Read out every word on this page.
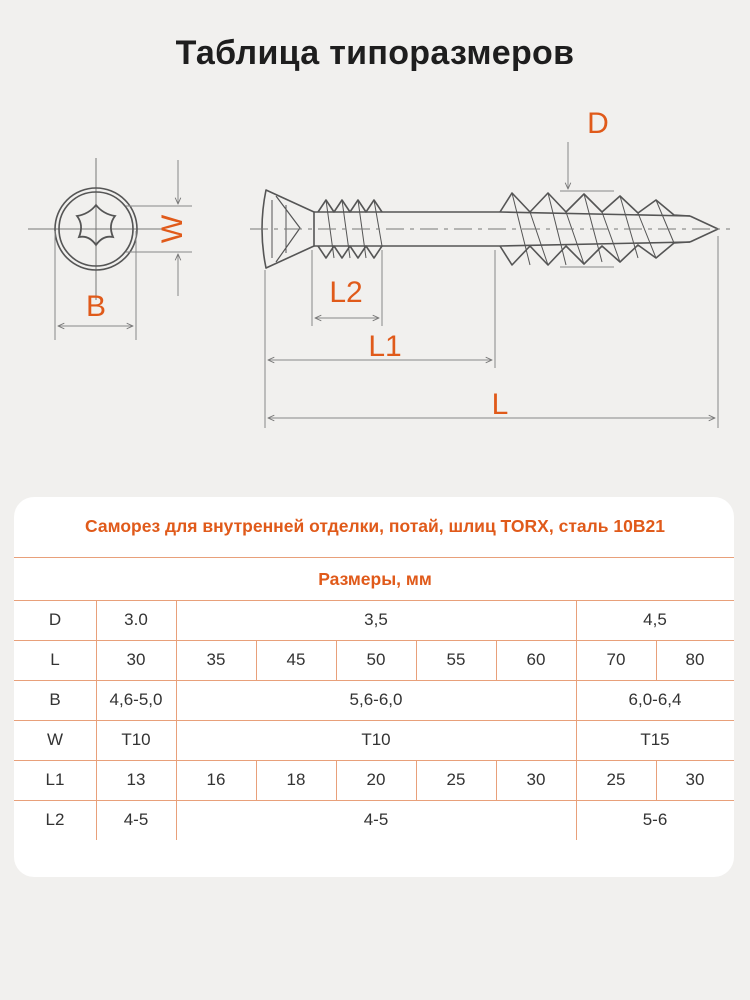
Таблица типоразмеров
W
B
D
L2
L1
L
Саморез для внутренней отделки, потай, шлиц TORX, сталь 10B21
Размеры, мм
D	3.0	3,5	4,5
L	30	35	45	50	55	60	70	80
B	4,6-5,0	5,6-6,0	6,0-6,4
W	T10	T10	T15
L1	13	16	18	20	25	30	25	30
L2	4-5	4-5	5-6
